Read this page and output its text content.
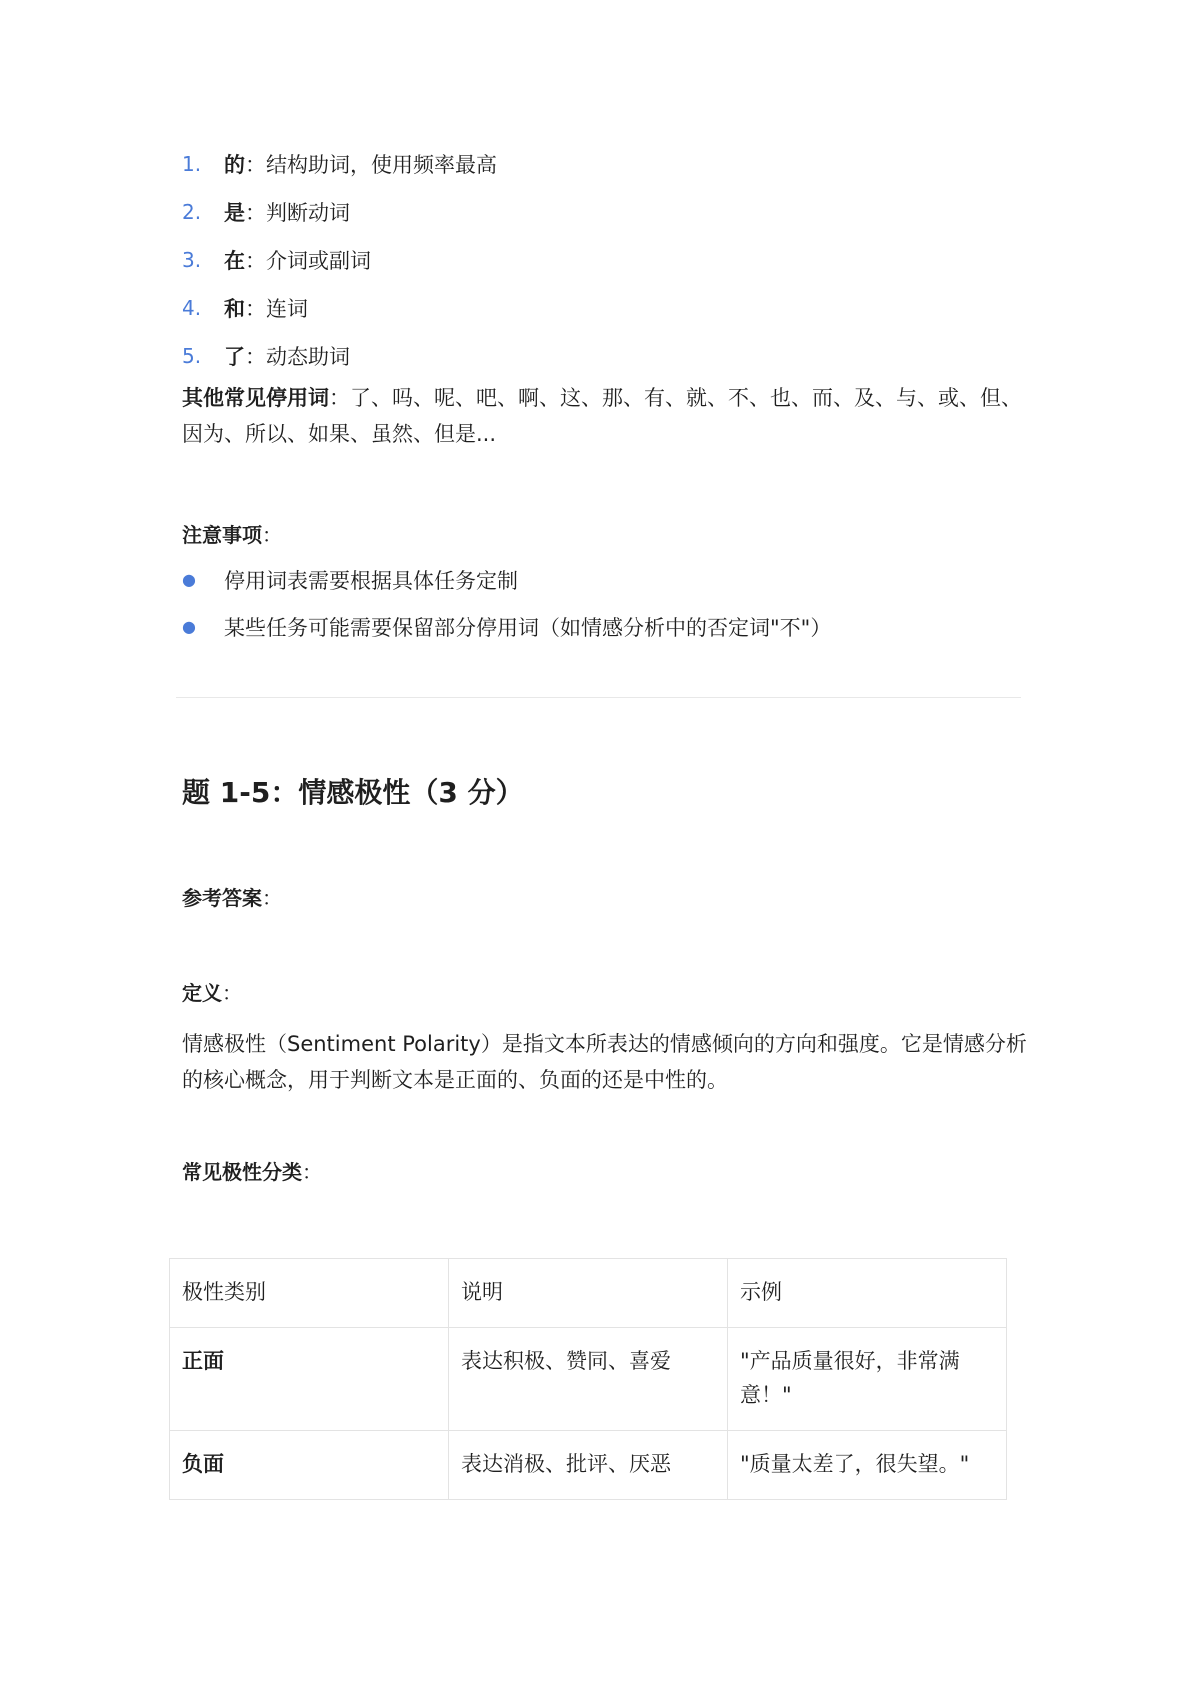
1.	的 ：结构助词，使用频率最高
2.	是 ：判断动词
3.	在 ：介词或副词
4.	和 ：连词
5.	了 ：动态助词

其他常见停用词：了、吗、呢、吧、啊、这、那、有、就、不、也、而、及、与、或、但、因为、所以、如果、虽然、但是...

注意事项：
●	停用词表需要根据具体任务定制
●	某些任务可能需要保留部分停用词（如情感分析中的否定词"不"）
题 1-5：情感极性（3 分）
参考答案：
定义：

情感极性（Sentiment Polarity）是指文本所表达的情感倾向的方向和强度。它是情感分析的核心概念，用于判断文本是正面的、负面的还是中性的。

常见极性分类：
极性类别	说明	示例
正面	表达积极、赞同、喜爱	"产品质量很好，非常满意！"
负面	表达消极、批评、厌恶	"质量太差了，很失望。"
